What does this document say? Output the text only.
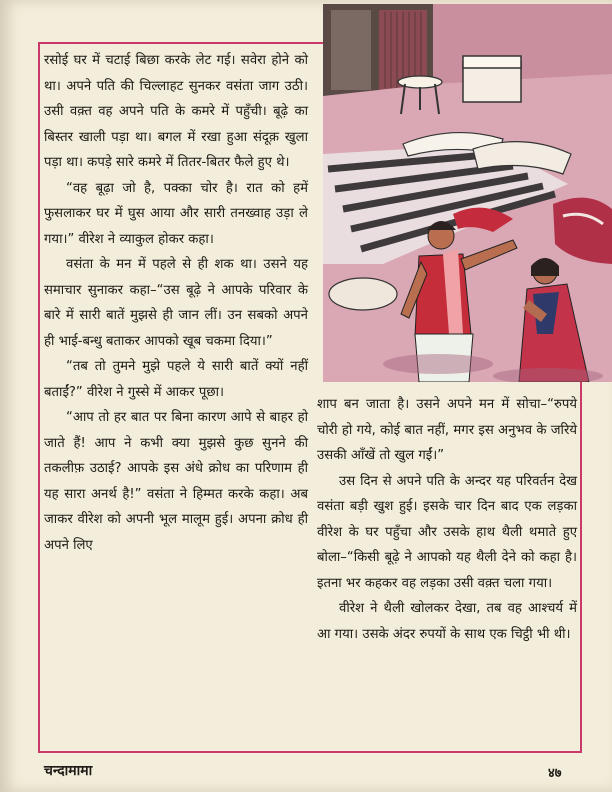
रसोई घर में चटाई बिछा करके लेट गई। सवेरा होने को था। अपने पति की चिल्लाहट सुनकर वसंता जाग उठी। उसी वक़्त वह अपने पति के कमरे में पहुँची। बूढ़े का बिस्तर खाली पड़ा था। बगल में रखा हुआ संदूक़ खुला पड़ा था। कपड़े सारे कमरे में तितर-बितर फैले हुए थे।

“वह बूढ़ा जो है, पक्का चोर है। रात को हमें फुसलाकर घर में घुस आया और सारी तनख्वाह उड़ा ले गया।” वीरेश ने व्याकुल होकर कहा।

वसंता के मन में पहले से ही शक था। उसने यह समाचार सुनाकर कहा–“उस बूढ़े ने आपके परिवार के बारे में सारी बातें मुझसे ही जान लीं। उन सबको अपने ही भाई-बन्धु बताकर आपको खूब चकमा दिया।”

“तब तो तुमने मुझे पहले ये सारी बातें क्यों नहीं बताईं?” वीरेश ने गुस्से में आकर पूछा।

“आप तो हर बात पर बिना कारण आपे से बाहर हो जाते हैं! आप ने कभी क्या मुझसे कुछ सुनने की तकलीफ़ उठाई? आपके इस अंधे क्रोध का परिणाम ही यह सारा अनर्थ है!” वसंता ने हिम्मत करके कहा। अब जाकर वीरेश को अपनी भूल मालूम हुई। अपना क्रोध ही अपने लिए

शाप बन जाता है। उसने अपने मन में सोचा–“रुपये चोरी हो गये, कोई बात नहीं, मगर इस अनुभव के जरिये उसकी आँखें तो खुल गईं।”

उस दिन से अपने पति के अन्दर यह परिवर्तन देख वसंता बड़ी खुश हुई। इसके चार दिन बाद एक लड़का वीरेश के घर पहुँचा और उसके हाथ थैली थमाते हुए बोला–“किसी बूढ़े ने आपको यह थैली देने को कहा है। इतना भर कहकर वह लड़का उसी वक़्त चला गया।

वीरेश ने थैली खोलकर देखा, तब वह आश्चर्य में आ गया। उसके अंदर रुपयों के साथ एक चिट्ठी भी थी।

चन्दामामा	४७
